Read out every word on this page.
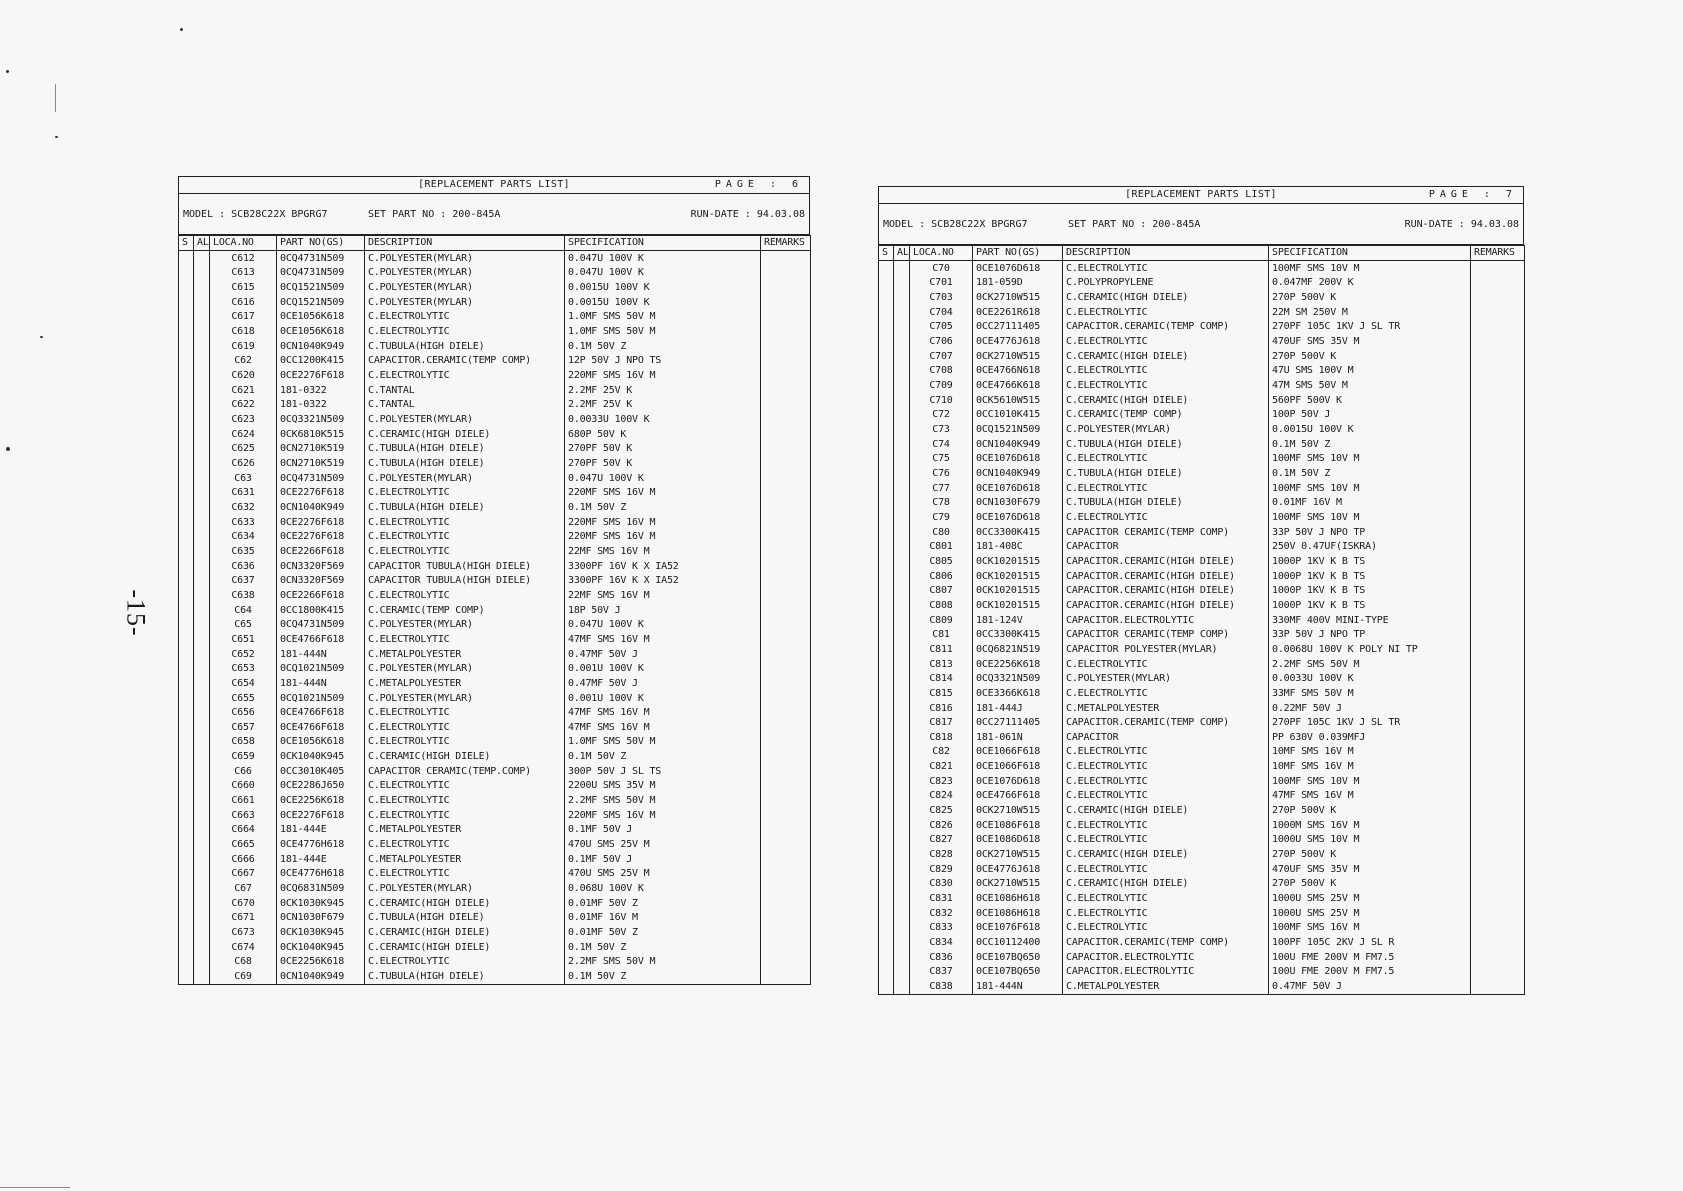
-15-
[REPLACEMENT PARTS LIST]	PAGE : 6
MODEL : SCB28C22X BPGRG7	SET PART NO : 200-845A	RUN-DATE : 94.03.08
S	AL	LOCA.NO	PART NO(GS)	DESCRIPTION	SPECIFICATION	REMARKS
		C612	0CQ4731N509	C.POLYESTER(MYLAR)	0.047U 100V K	
		C613	0CQ4731N509	C.POLYESTER(MYLAR)	0.047U 100V K	
		C615	0CQ1521N509	C.POLYESTER(MYLAR)	0.0015U 100V K	
		C616	0CQ1521N509	C.POLYESTER(MYLAR)	0.0015U 100V K	
		C617	0CE1056K618	C.ELECTROLYTIC	1.0MF SMS 50V M	
		C618	0CE1056K618	C.ELECTROLYTIC	1.0MF SMS 50V M	
		C619	0CN1040K949	C.TUBULA(HIGH DIELE)	0.1M 50V Z	
		C62	0CC1200K415	CAPACITOR.CERAMIC(TEMP COMP)	12P 50V J NPO TS	
		C620	0CE2276F618	C.ELECTROLYTIC	220MF SMS 16V M	
		C621	181-0322	C.TANTAL	2.2MF 25V K	
		C622	181-0322	C.TANTAL	2.2MF 25V K	
		C623	0CQ3321N509	C.POLYESTER(MYLAR)	0.0033U 100V K	
		C624	0CK6810K515	C.CERAMIC(HIGH DIELE)	680P 50V K	
		C625	0CN2710K519	C.TUBULA(HIGH DIELE)	270PF 50V K	
		C626	0CN2710K519	C.TUBULA(HIGH DIELE)	270PF 50V K	
		C63	0CQ4731N509	C.POLYESTER(MYLAR)	0.047U 100V K	
		C631	0CE2276F618	C.ELECTROLYTIC	220MF SMS 16V M	
		C632	0CN1040K949	C.TUBULA(HIGH DIELE)	0.1M 50V Z	
		C633	0CE2276F618	C.ELECTROLYTIC	220MF SMS 16V M	
		C634	0CE2276F618	C.ELECTROLYTIC	220MF SMS 16V M	
		C635	0CE2266F618	C.ELECTROLYTIC	22MF SMS 16V M	
		C636	0CN3320F569	CAPACITOR TUBULA(HIGH DIELE)	3300PF 16V K X IA52	
		C637	0CN3320F569	CAPACITOR TUBULA(HIGH DIELE)	3300PF 16V K X IA52	
		C638	0CE2266F618	C.ELECTROLYTIC	22MF SMS 16V M	
		C64	0CC1800K415	C.CERAMIC(TEMP COMP)	18P 50V J	
		C65	0CQ4731N509	C.POLYESTER(MYLAR)	0.047U 100V K	
		C651	0CE4766F618	C.ELECTROLYTIC	47MF SMS 16V M	
		C652	181-444N	C.METALPOLYESTER	0.47MF 50V J	
		C653	0CQ1021N509	C.POLYESTER(MYLAR)	0.001U 100V K	
		C654	181-444N	C.METALPOLYESTER	0.47MF 50V J	
		C655	0CQ1021N509	C.POLYESTER(MYLAR)	0.001U 100V K	
		C656	0CE4766F618	C.ELECTROLYTIC	47MF SMS 16V M	
		C657	0CE4766F618	C.ELECTROLYTIC	47MF SMS 16V M	
		C658	0CE1056K618	C.ELECTROLYTIC	1.0MF SMS 50V M	
		C659	0CK1040K945	C.CERAMIC(HIGH DIELE)	0.1M 50V Z	
		C66	0CC3010K405	CAPACITOR CERAMIC(TEMP.COMP)	300P 50V J SL TS	
		C660	0CE2286J650	C.ELECTROLYTIC	2200U SMS 35V M	
		C661	0CE2256K618	C.ELECTROLYTIC	2.2MF SMS 50V M	
		C663	0CE2276F618	C.ELECTROLYTIC	220MF SMS 16V M	
		C664	181-444E	C.METALPOLYESTER	0.1MF 50V J	
		C665	0CE4776H618	C.ELECTROLYTIC	470U SMS 25V M	
		C666	181-444E	C.METALPOLYESTER	0.1MF 50V J	
		C667	0CE4776H618	C.ELECTROLYTIC	470U SMS 25V M	
		C67	0CQ6831N509	C.POLYESTER(MYLAR)	0.068U 100V K	
		C670	0CK1030K945	C.CERAMIC(HIGH DIELE)	0.01MF 50V Z	
		C671	0CN1030F679	C.TUBULA(HIGH DIELE)	0.01MF 16V M	
		C673	0CK1030K945	C.CERAMIC(HIGH DIELE)	0.01MF 50V Z	
		C674	0CK1040K945	C.CERAMIC(HIGH DIELE)	0.1M 50V Z	
		C68	0CE2256K618	C.ELECTROLYTIC	2.2MF SMS 50V M	
		C69	0CN1040K949	C.TUBULA(HIGH DIELE)	0.1M 50V Z	
[REPLACEMENT PARTS LIST]	PAGE : 7
MODEL : SCB28C22X BPGRG7	SET PART NO : 200-845A	RUN-DATE : 94.03.08
S	AL	LOCA.NO	PART NO(GS)	DESCRIPTION	SPECIFICATION	REMARKS
		C70	0CE1076D618	C.ELECTROLYTIC	100MF SMS 10V M	
		C701	181-059D	C.POLYPROPYLENE	0.047MF 200V K	
		C703	0CK2710W515	C.CERAMIC(HIGH DIELE)	270P 500V K	
		C704	0CE2261R618	C.ELECTROLYTIC	22M SM 250V M	
		C705	0CC27111405	CAPACITOR.CERAMIC(TEMP COMP)	270PF 105C 1KV J SL TR	
		C706	0CE4776J618	C.ELECTROLYTIC	470UF SMS 35V M	
		C707	0CK2710W515	C.CERAMIC(HIGH DIELE)	270P 500V K	
		C708	0CE4766N618	C.ELECTROLYTIC	47U SMS 100V M	
		C709	0CE4766K618	C.ELECTROLYTIC	47M SMS 50V M	
		C710	0CK5610W515	C.CERAMIC(HIGH DIELE)	560PF 500V K	
		C72	0CC1010K415	C.CERAMIC(TEMP COMP)	100P 50V J	
		C73	0CQ1521N509	C.POLYESTER(MYLAR)	0.0015U 100V K	
		C74	0CN1040K949	C.TUBULA(HIGH DIELE)	0.1M 50V Z	
		C75	0CE1076D618	C.ELECTROLYTIC	100MF SMS 10V M	
		C76	0CN1040K949	C.TUBULA(HIGH DIELE)	0.1M 50V Z	
		C77	0CE1076D618	C.ELECTROLYTIC	100MF SMS 10V M	
		C78	0CN1030F679	C.TUBULA(HIGH DIELE)	0.01MF 16V M	
		C79	0CE1076D618	C.ELECTROLYTIC	100MF SMS 10V M	
		C80	0CC3300K415	CAPACITOR CERAMIC(TEMP COMP)	33P 50V J NPO TP	
		C801	181-408C	CAPACITOR	250V 0.47UF(ISKRA)	
		C805	0CK10201515	CAPACITOR.CERAMIC(HIGH DIELE)	1000P 1KV K B TS	
		C806	0CK10201515	CAPACITOR.CERAMIC(HIGH DIELE)	1000P 1KV K B TS	
		C807	0CK10201515	CAPACITOR.CERAMIC(HIGH DIELE)	1000P 1KV K B TS	
		C808	0CK10201515	CAPACITOR.CERAMIC(HIGH DIELE)	1000P 1KV K B TS	
		C809	181-124V	CAPACITOR.ELECTROLYTIC	330MF 400V MINI-TYPE	
		C81	0CC3300K415	CAPACITOR CERAMIC(TEMP COMP)	33P 50V J NPO TP	
		C811	0CQ6821N519	CAPACITOR POLYESTER(MYLAR)	0.0068U 100V K POLY NI TP	
		C813	0CE2256K618	C.ELECTROLYTIC	2.2MF SMS 50V M	
		C814	0CQ3321N509	C.POLYESTER(MYLAR)	0.0033U 100V K	
		C815	0CE3366K618	C.ELECTROLYTIC	33MF SMS 50V M	
		C816	181-444J	C.METALPOLYESTER	0.22MF 50V J	
		C817	0CC27111405	CAPACITOR.CERAMIC(TEMP COMP)	270PF 105C 1KV J SL TR	
		C818	181-061N	CAPACITOR	PP 630V 0.039MFJ	
		C82	0CE1066F618	C.ELECTROLYTIC	10MF SMS 16V M	
		C821	0CE1066F618	C.ELECTROLYTIC	10MF SMS 16V M	
		C823	0CE1076D618	C.ELECTROLYTIC	100MF SMS 10V M	
		C824	0CE4766F618	C.ELECTROLYTIC	47MF SMS 16V M	
		C825	0CK2710W515	C.CERAMIC(HIGH DIELE)	270P 500V K	
		C826	0CE1086F618	C.ELECTROLYTIC	1000M SMS 16V M	
		C827	0CE1086D618	C.ELECTROLYTIC	1000U SMS 10V M	
		C828	0CK2710W515	C.CERAMIC(HIGH DIELE)	270P 500V K	
		C829	0CE4776J618	C.ELECTROLYTIC	470UF SMS 35V M	
		C830	0CK2710W515	C.CERAMIC(HIGH DIELE)	270P 500V K	
		C831	0CE1086H618	C.ELECTROLYTIC	1000U SMS 25V M	
		C832	0CE1086H618	C.ELECTROLYTIC	1000U SMS 25V M	
		C833	0CE1076F618	C.ELECTROLYTIC	100MF SMS 16V M	
		C834	0CC10112400	CAPACITOR.CERAMIC(TEMP COMP)	100PF 105C 2KV J SL R	
		C836	0CE107BQ650	CAPACITOR.ELECTROLYTIC	100U FME 200V M FM7.5	
		C837	0CE107BQ650	CAPACITOR.ELECTROLYTIC	100U FME 200V M FM7.5	
		C838	181-444N	C.METALPOLYESTER	0.47MF 50V J	
